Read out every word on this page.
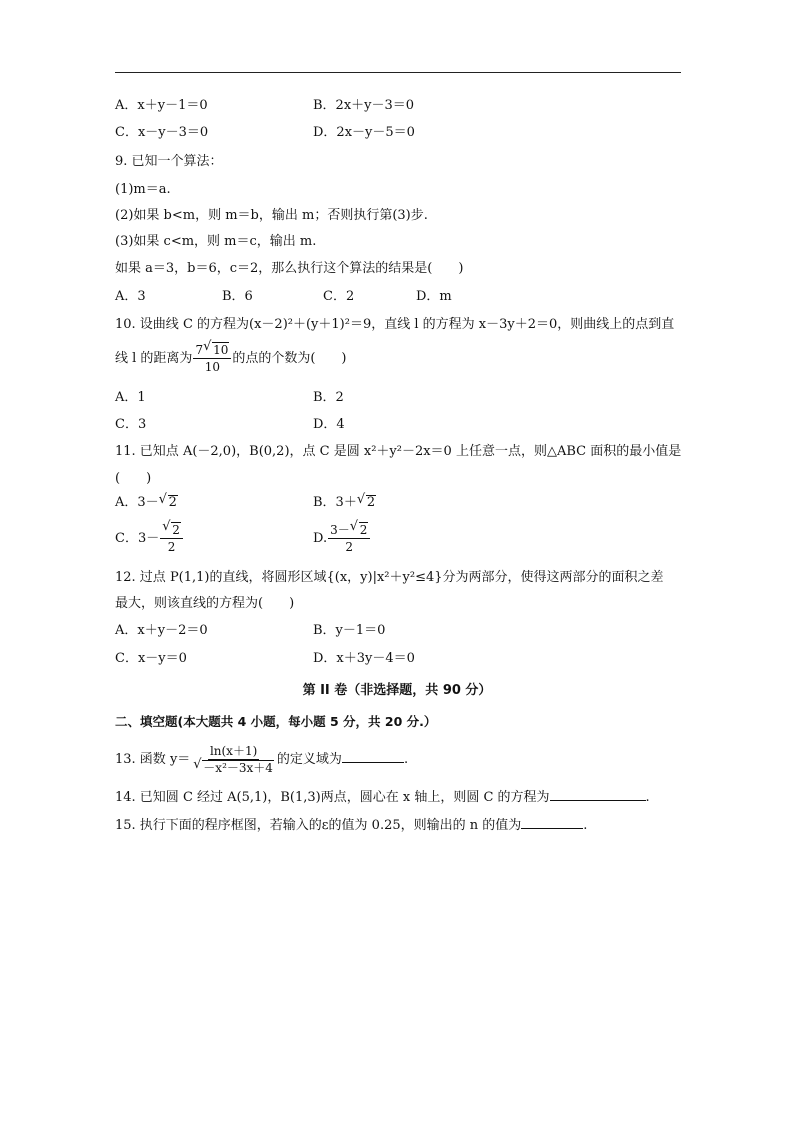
A．x＋y－1＝0	B．2x＋y－3＝0
C．x－y－3＝0	D．2x－y－5＝0
9. 已知一个算法：
(1)m＝a.
(2)如果 b<m，则 m＝b，输出 m；否则执行第(3)步.
(3)如果 c<m，则 m＝c，输出 m.
如果 a＝3，b＝6，c＝2，那么执行这个算法的结果是(　　)
A．3	B．6	C．2	D．m
10. 设曲线 C 的方程为(x－2)²＋(y＋1)²＝9，直线 l 的方程为 x－3y＋2＝0，则曲线上的点到直
线 l 的距离为 $\frac{7 √ 10}{10}$ 的点的个数为(　　)
A．1	B．2
C．3	D．4
11. 已知点 A(－2,0)，B(0,2)，点 C 是圆 x²＋y²－2x＝0 上任意一点，则△ABC 面积的最小值是
(　　)
A．3－ √ 2	B．3＋ √ 2
C．3－ √ $\frac{2}{2}$	D. $\frac{3- √ 2}{2}$
12. 过点 P(1,1)的直线，将圆形区域{(x，y)|x²＋y²≤4}分为两部分，使得这两部分的面积之差
最大，则该直线的方程为(　　)
A．x＋y－2＝0	B．y－1＝0
C．x－y＝0	D．x＋3y－4＝0
第 II 卷（非选择题，共 90 分）
二、填空题(本大题共 4 小题，每小题 5 分，共 20 分.）
13. 函数 y＝ ln(x＋1)
√ －x²－3x＋4 的定义域为	.
14. 已知圆 C 经过 A(5,1)，B(1,3)两点，圆心在 x 轴上，则圆 C 的方程为	.
15. 执行下面的程序框图，若输入的ε的值为 0.25，则输出的 n 的值为	.
